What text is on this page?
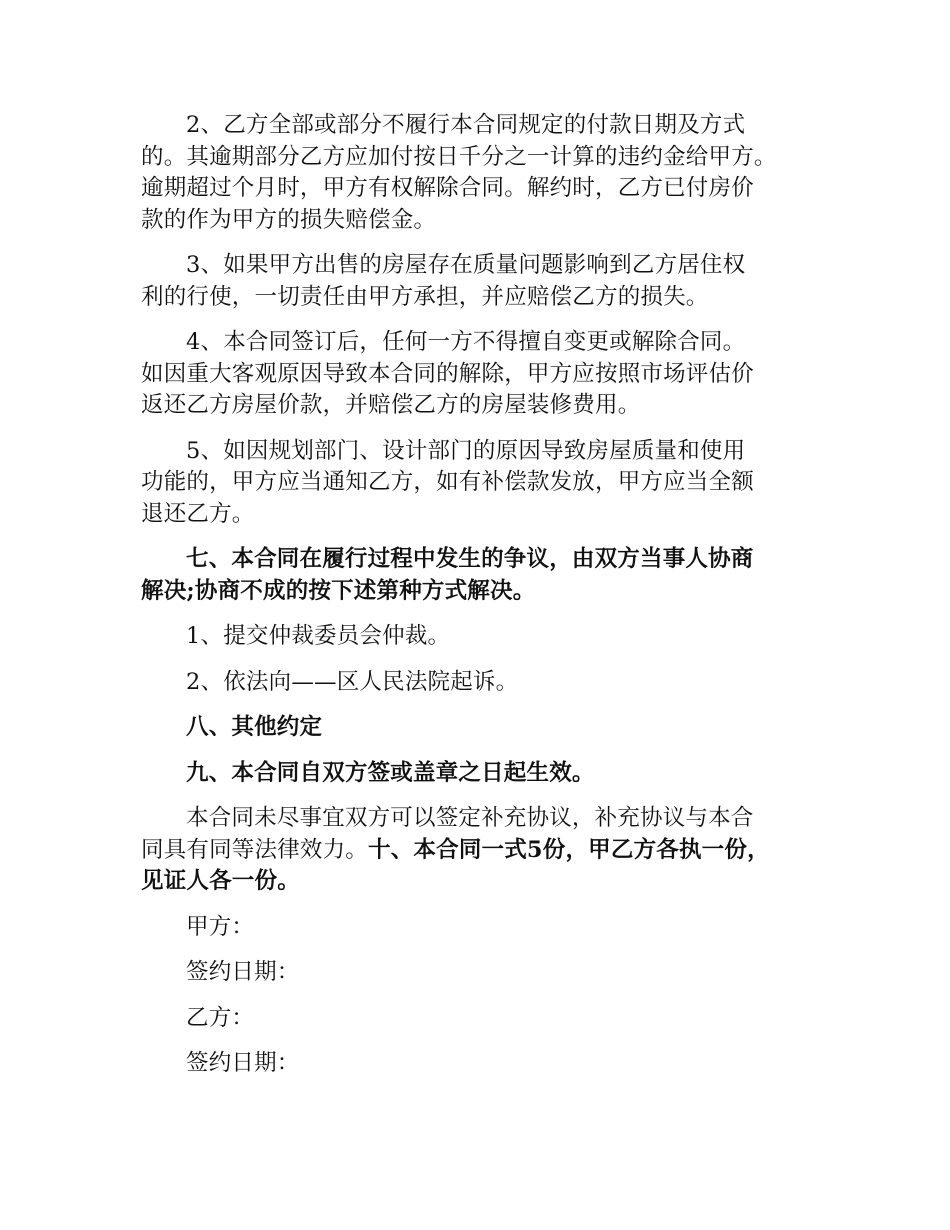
2、乙方全部或部分不履行本合同规定的付款日期及方式
的。其逾期部分乙方应加付按日千分之一计算的违约金给甲方。
逾期超过个月时，甲方有权解除合同。解约时，乙方已付房价
款的作为甲方的损失赔偿金。

3、如果甲方出售的房屋存在质量问题影响到乙方居住权
利的行使，一切责任由甲方承担，并应赔偿乙方的损失。

4、本合同签订后，任何一方不得擅自变更或解除合同。
如因重大客观原因导致本合同的解除，甲方应按照市场评估价
返还乙方房屋价款，并赔偿乙方的房屋装修费用。

5、如因规划部门、设计部门的原因导致房屋质量和使用
功能的，甲方应当通知乙方，如有补偿款发放，甲方应当全额
退还乙方。

七、本合同在履行过程中发生的争议，由双方当事人协商
解决;协商不成的按下述第种方式解决。

1、提交仲裁委员会仲裁。

2、依法向——区人民法院起诉。

八、其他约定

九、本合同自双方签或盖章之日起生效。

本合同未尽事宜双方可以签定补充协议，补充协议与本合
同具有同等法律效力。十、本合同一式5份，甲乙方各执一份，
见证人各一份。

甲方：

签约日期：

乙方：

签约日期：
